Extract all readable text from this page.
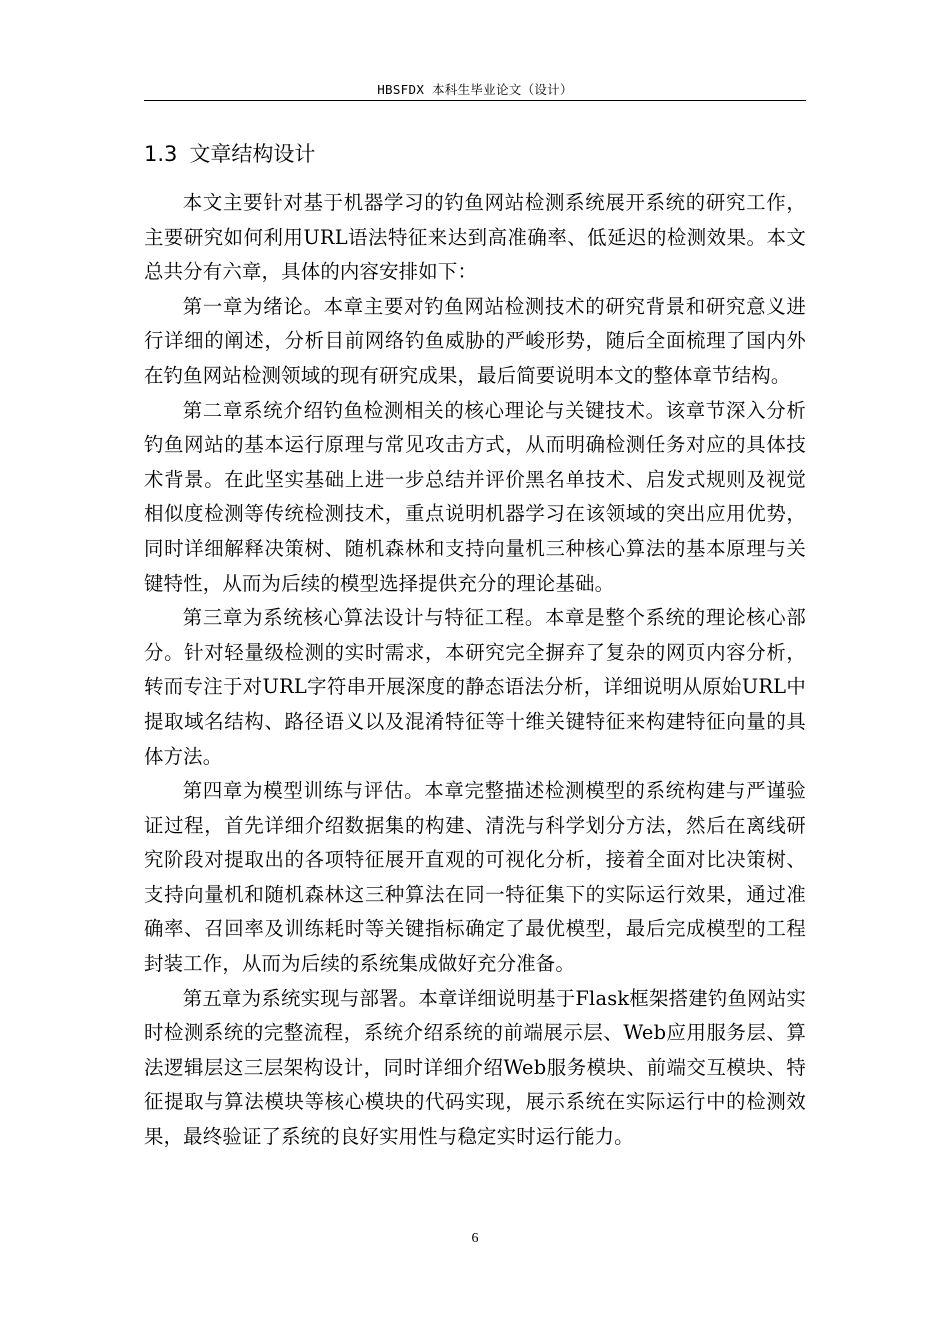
HBSFDX 本科生毕业论文（设计）
1.3 文章结构设计

本文主要针对基于机器学习的钓鱼网站检测系统展开系统的研究工作，主要研究如何利用URL语法特征来达到高准确率、低延迟的检测效果。本文总共分有六章，具体的内容安排如下：

第一章为绪论。本章主要对钓鱼网站检测技术的研究背景和研究意义进行详细的阐述，分析目前网络钓鱼威胁的严峻形势，随后全面梳理了国内外在钓鱼网站检测领域的现有研究成果，最后简要说明本文的整体章节结构。

第二章系统介绍钓鱼检测相关的核心理论与关键技术。该章节深入分析钓鱼网站的基本运行原理与常见攻击方式，从而明确检测任务对应的具体技术背景。在此坚实基础上进一步总结并评价黑名单技术、启发式规则及视觉相似度检测等传统检测技术，重点说明机器学习在该领域的突出应用优势，同时详细解释决策树、随机森林和支持向量机三种核心算法的基本原理与关键特性，从而为后续的模型选择提供充分的理论基础。

第三章为系统核心算法设计与特征工程。本章是整个系统的理论核心部分。针对轻量级检测的实时需求，本研究完全摒弃了复杂的网页内容分析，转而专注于对URL字符串开展深度的静态语法分析，详细说明从原始URL中提取域名结构、路径语义以及混淆特征等十维关键特征来构建特征向量的具体方法。

第四章为模型训练与评估。本章完整描述检测模型的系统构建与严谨验证过程，首先详细介绍数据集的构建、清洗与科学划分方法，然后在离线研究阶段对提取出的各项特征展开直观的可视化分析，接着全面对比决策树、支持向量机和随机森林这三种算法在同一特征集下的实际运行效果，通过准确率、召回率及训练耗时等关键指标确定了最优模型，最后完成模型的工程封装工作，从而为后续的系统集成做好充分准备。

第五章为系统实现与部署。本章详细说明基于Flask框架搭建钓鱼网站实时检测系统的完整流程，系统介绍系统的前端展示层、Web应用服务层、算法逻辑层这三层架构设计，同时详细介绍Web服务模块、前端交互模块、特征提取与算法模块等核心模块的代码实现，展示系统在实际运行中的检测效果，最终验证了系统的良好实用性与稳定实时运行能力。

6
